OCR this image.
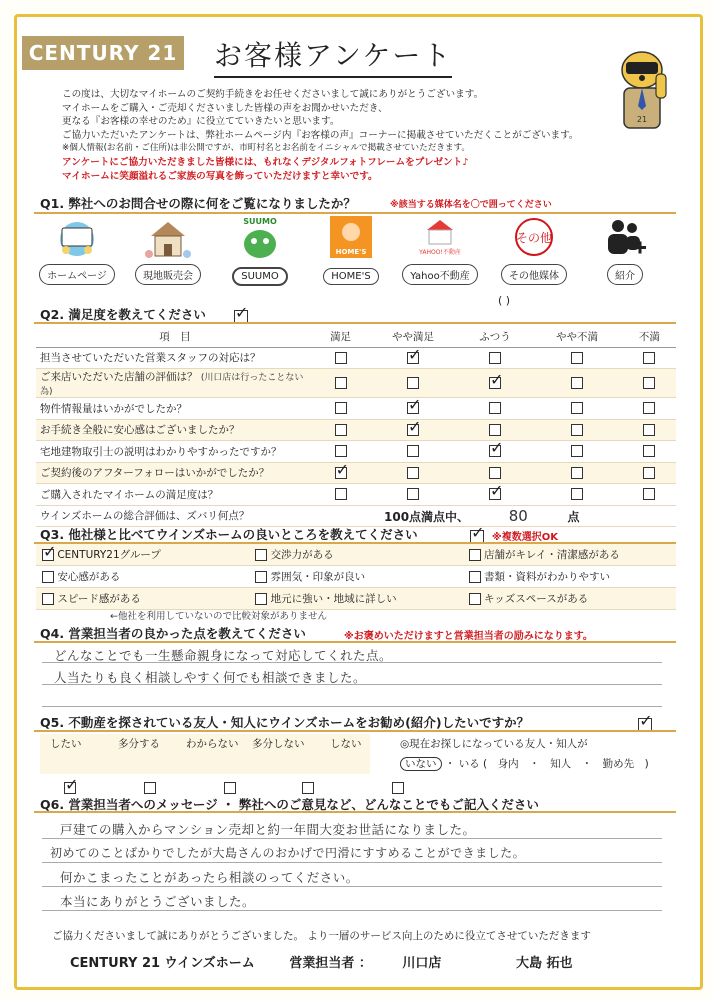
CENTURY 21 お客様アンケート
21
この度は、大切なマイホームのご契約手続きをお任せくださいまして誠にありがとうございます。
マイホームをご購入・ご売却くださいました皆様の声をお聞かせいただき、
更なる『お客様の幸せのため』に役立てていきたいと思います。
ご協力いただいたアンケートは、弊社ホームページ内『お客様の声』コーナーに掲載させていただくことがございます。
※個人情報(お名前・ご住所)は非公開ですが、市町村名とお名前をイニシャルで掲載させていただきます。
アンケートにご協力いただきました皆様には、もれなくデジタルフォトフレームをプレゼント♪
マイホームに笑顔溢れるご家族の写真を飾っていただけますと幸いです。
Q1. 弊社へのお問合せの際に何をご覧になりましたか？	※該当する媒体名を〇で囲ってください

ホームページ	現地販売会
SUUMO

SUUMO
HOME'S

HOME'S
YAHOO!不動産

Yahoo不動産
その他

その他媒体	紹介
( )
Q2. 満足度を教えてください
✓
項　目	満足	やや満足	ふつう	やや不満	不満
担当させていただいた営業スタッフの対応は？		✓			
ご来店いただいた店舗の評価は？ (川口店は行ったことない為)			✓		
物件情報量はいかがでしたか？		✓			
お手続き全般に安心感はございましたか？		✓			
宅地建物取引士の説明はわかりやすかったですか？			✓		
ご契約後のアフターフォローはいかがでしたか？	✓				
ご購入されたマイホームの満足度は？			✓		
ウインズホームの総合評価は、ズバリ何点？	100点満点中、 80 点				
Q3. 他社様と比べてウインズホームの良いところを教えてください ✓	※複数選択OK
✓ CENTURY21グループ	交渉力がある	店舗がキレイ・清潔感がある
安心感がある	雰囲気・印象が良い	書類・資料がわかりやすい
スピード感がある	地元に強い・地域に詳しい	キッズスペースがある
←他社を利用していないので比較対象がありません
Q4. 営業担当者の良かった点を教えてください	※お褒めいただけますと営業担当者の励みになります。
どんなことでも一生懸命親身になって対応してくれた点。
人当たりも良く相談しやすく何でも相談できました。
Q5. 不動産を探されている友人・知人にウインズホームをお勧め(紹介)したいですか？
✓
したい
✓	多分する わからない 多分しない しない	◎現在お探しになっている友人・知人が
いない ・ いる (　身内　・　知人　・　勤め先　)
Q6. 営業担当者へのメッセージ ・ 弊社へのご意見など、どんなことでもご記入ください
戸建ての購入からマンション売却と約一年間大変お世話になりました。
初めてのことばかりでしたが大島さんのおかげで円滑にすすめることができました。
何かこまったことがあったら相談のってください。
本当にありがとうございました。
ご協力くださいまして誠にありがとうございました。 より一層のサービス向上のために役立てさせていただきます
CENTURY 21 ウインズホーム	営業担当者 ： 川口店	大島 拓也
